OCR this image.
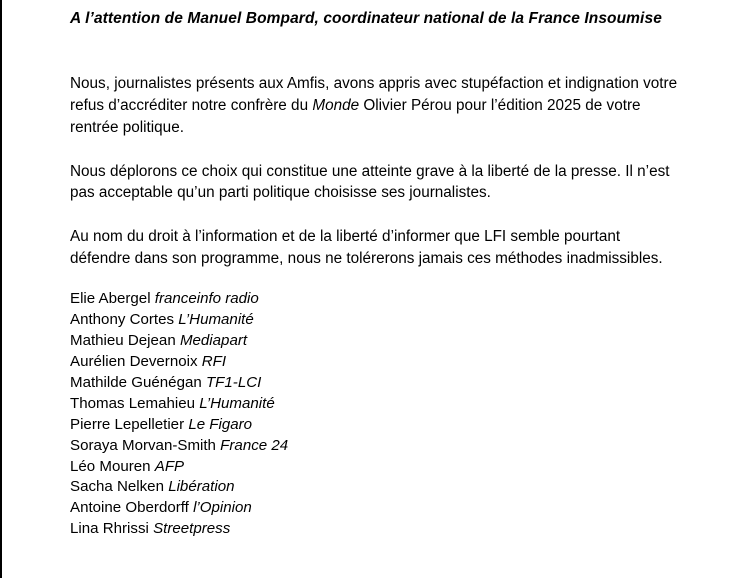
A l’attention de Manuel Bompard, coordinateur national de la France Insoumise

Nous, journalistes présents aux Amfis, avons appris avec stupéfaction et indignation votre refus d’accréditer notre confrère du Monde Olivier Pérou pour l’édition 2025 de votre rentrée politique.

Nous déplorons ce choix qui constitue une atteinte grave à la liberté de la presse. Il n’est pas acceptable qu’un parti politique choisisse ses journalistes.

Au nom du droit à l’information et de la liberté d’informer que LFI semble pourtant défendre dans son programme, nous ne tolérerons jamais ces méthodes inadmissibles.

Elie Abergel franceinfo radio
Anthony Cortes L’Humanité
Mathieu Dejean Mediapart
Aurélien Devernoix RFI
Mathilde Guénégan TF1-LCI
Thomas Lemahieu L’Humanité
Pierre Lepelletier Le Figaro
Soraya Morvan-Smith France 24
Léo Mouren AFP
Sacha Nelken Libération
Antoine Oberdorff l’Opinion
Lina Rhrissi Streetpress
